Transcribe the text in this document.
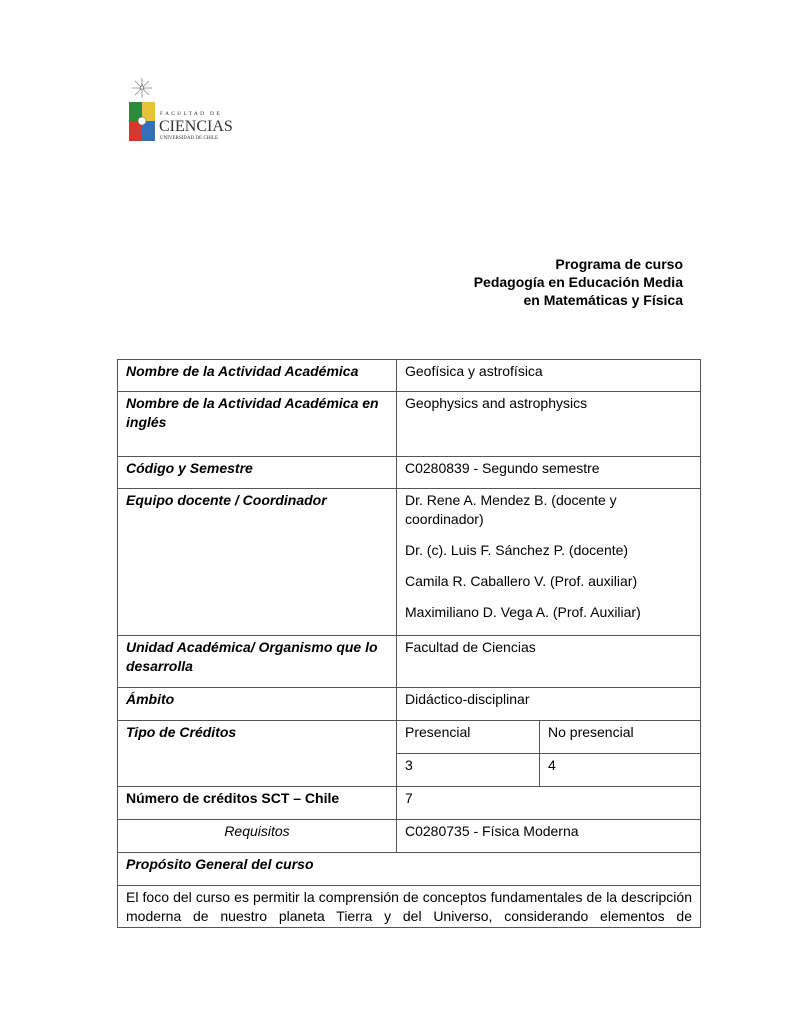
FACULTAD DE
CIENCIAS
UNIVERSIDAD DE CHILE
Programa de curso
Pedagogía en Educación Media
en Matemáticas y Física
Nombre de la Actividad Académica	Geofísica y astrofísica	
Nombre de la Actividad Académica en inglés	Geophysics and astrophysics	
Código y Semestre	C0280839 - Segundo semestre	
Equipo docente / Coordinador	Dr. Rene A. Mendez B. (docente y coordinador)

Dr. (c). Luis F. Sánchez P. (docente)

Camila R. Caballero V. (Prof. auxiliar)

Maximiliano D. Vega A. (Prof. Auxiliar)	

Unidad Académica/ Organismo que lo desarrolla	Facultad de Ciencias	
Ámbito	Didáctico-disciplinar	
Tipo de Créditos	Presencial	No presencial
	3	4
Número de créditos SCT – Chile	7	
Requisitos	C0280735 - Física Moderna	
Propósito General del curso		

El foco del curso es permitir la comprensión de conceptos fundamentales de la descripción
moderna de nuestro planeta Tierra y del Universo, considerando elementos de		
